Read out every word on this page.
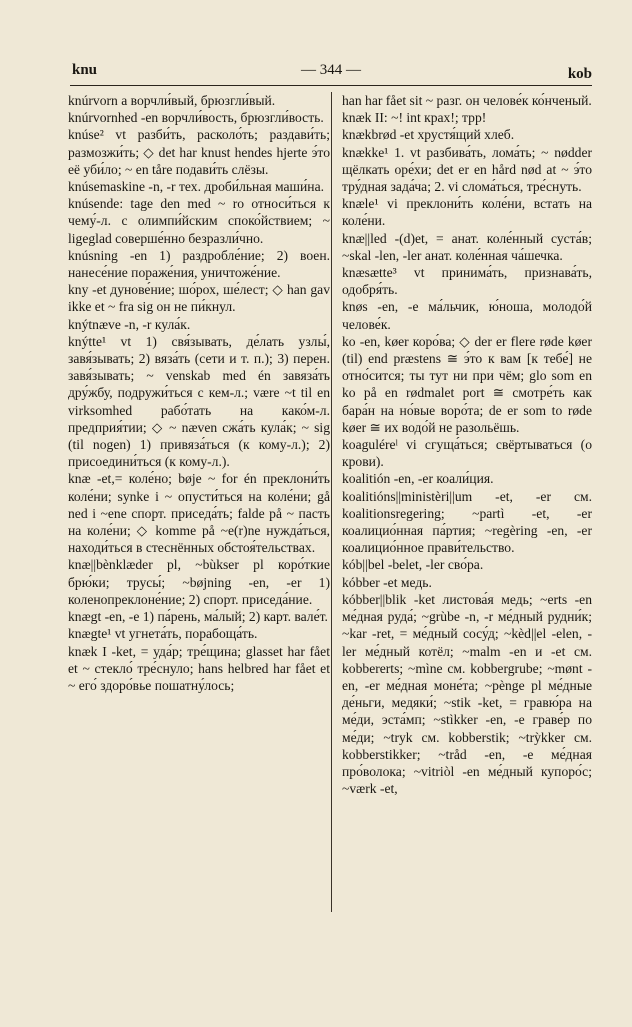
knu	— 344 —	kob

knúrvorn a ворчли́вый, брюзгли́вый.

knúrvornhed -en ворчли́вость, брюзгли́вость.

knúse² vt разби́ть, расколо́ть; раздави́ть; размозжи́ть; ◇ det har knust hendes hjerte э́то её уби́ло; ~ en tåre подави́ть слёзы.

knúsemaskine -n, -r тех. дроби́льная маши́на.

knúsende: tage den med ~ ro относи́ться к чему́-л. с олимпи́йским споко́йствием; ~ ligeglad соверше́нно безразли́чно.

knúsning -en 1) раздробле́ние; 2) воен. нанесе́ние пораже́ния, уничтоже́ние.

kny -et дунове́ние; шо́рох, ше́лест; ◇ han gav ikke et ~ fra sig он не пи́кнул.

knýtnæve -n, -r кула́к.

knýtte¹ vt 1) свя́зывать, де́лать узлы́, завя́зывать; 2) вяза́ть (сети и т. п.); 3) перен. завя́зывать; ~ venskab med én завяза́ть дру́жбу, подружи́ться с кем-л.; være ~t til en virksomhed рабо́тать на како́м-л. предприя́тии; ◇ ~ næven сжа́ть кула́к; ~ sig (til nogen) 1) привяза́ться (к кому-л.); 2) присоедини́ться (к кому-л.).

knæ -et,= коле́но; bøje ~ for én преклони́ть коле́ни; synke i ~ опусти́ться на коле́ни; gå ned i ~ene спорт. приседа́ть; falde på ~ пасть на коле́ни; ◇ komme på ~e(r)ne нужда́ться, находи́ться в стеснённых обстоя́тельствах.

knæ||bènklæder pl, ~bùkser pl коро́ткие брю́ки; трусы́; ~bøjning -en, -er 1) коленопреклоне́ние; 2) спорт. приседа́ние.

knægt -en, -e 1) па́рень, ма́лый; 2) карт. вале́т.

knægte¹ vt угнета́ть, порабоща́ть.

knæk I -ket, = уда́р; тре́щина; glasset har fået et ~ стекло́ тре́снуло; hans helbred har fået et ~ его́ здоро́вье пошатну́лось;

han har fået sit ~ разг. он челове́к ко́нченый.

knæk II: ~! int крах!; трр!

knækbrød -et хрустя́щий хлеб.

knække¹ 1. vt разбива́ть, лома́ть; ~ nødder щёлкать оре́хи; det er en hård nød at ~ э́то тру́дная зада́ча; 2. vi слома́ться, тре́снуть.

knæle¹ vi преклони́ть коле́ни, встать на коле́ни.

knæ||led -(d)et, = анат. коле́нный суста́в; ~skal -len, -ler анат. коле́нная ча́шечка.

knæsætte³ vt принима́ть, признава́ть, одобря́ть.

knøs -en, -e ма́льчик, ю́ноша, молодо́й челове́к.

ko -en, køer коро́ва; ◇ der er flere røde køer (til) end præstens ≅ э́то к вам [к тебе́] не отно́сится; ты тут ни при чём; glo som en ko på en rødmalet port ≅ смотре́ть как бара́н на но́вые воро́та; de er som to røde køer ≅ их водо́й не разольёшь.

koaguléreˡ vi сгуща́ться; свёртываться (о крови).

koalitión -en, -er коали́ция.

koalitións||ministèri||um -et, -er см. koalitionsregering; ~partì -et, -er коалицио́нная па́ртия; ~regèring -en, -er коалицио́нное прави́тельство.

kób||bel -belet, -ler сво́ра.

kóbber -et медь.

kóbber||blik -ket листова́я медь; ~erts -en ме́дная руда́; ~grùbe -n, -r ме́дный рудни́к; ~kar -ret, = ме́дный сосу́д; ~kèd||el -elen, -ler ме́дный котёл; ~malm -en и -et см. kobbererts; ~mìne см. kobbergrube; ~mønt -en, -er ме́дная моне́та; ~pènge pl ме́дные де́ньги, медяки́; ~stik -ket, = гравю́ра на ме́ди, эста́мп; ~stìkker -en, -e граве́р по ме́ди; ~tryk см. kobberstik; ~trỳkker см. kobberstikker; ~tråd -en, -e ме́дная про́волока; ~vitriòl -en ме́дный купоро́с; ~værk -et,
